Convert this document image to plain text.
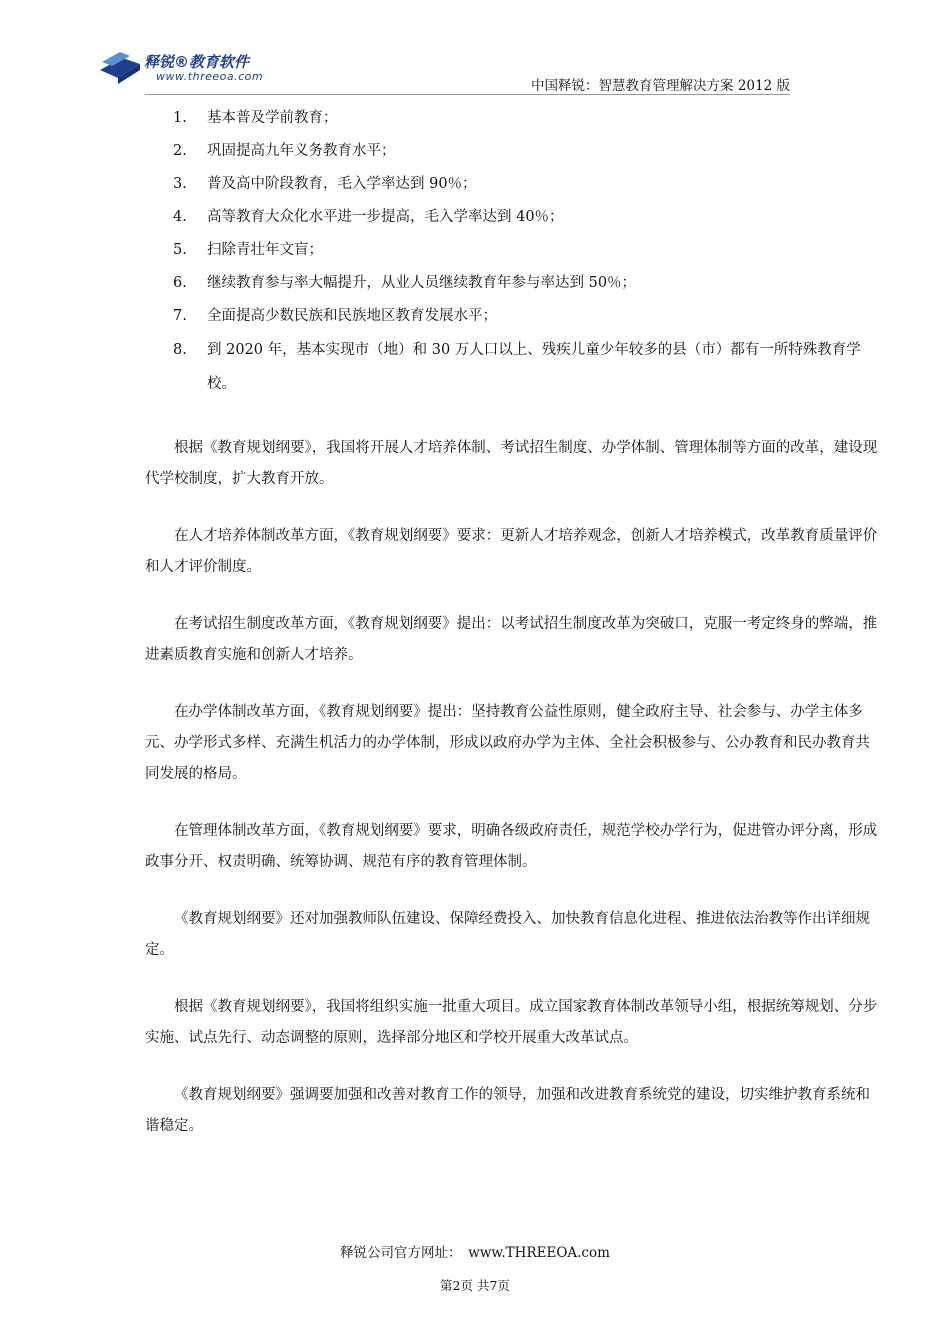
释锐®教育软件
www.threeoa.com
中国释锐：智慧教育管理解决方案 2012 版
1. 基本普及学前教育；
2. 巩固提高九年义务教育水平；
3. 普及高中阶段教育，毛入学率达到 90％；
4. 高等教育大众化水平进一步提高，毛入学率达到 40％；
5. 扫除青壮年文盲；
6. 继续教育参与率大幅提升，从业人员继续教育年参与率达到 50％；
7. 全面提高少数民族和民族地区教育发展水平；
8. 到 2020 年，基本实现市（地）和 30 万人口以上、残疾儿童少年较多的县（市）都有一所特殊教育学校。

根据《教育规划纲要》，我国将开展人才培养体制、考试招生制度、办学体制、管理体制等方面的改革，建设现代学校制度，扩大教育开放。

在人才培养体制改革方面，《教育规划纲要》要求：更新人才培养观念，创新人才培养模式，改革教育质量评价和人才评价制度。

在考试招生制度改革方面，《教育规划纲要》提出：以考试招生制度改革为突破口，克服一考定终身的弊端，推进素质教育实施和创新人才培养。

在办学体制改革方面，《教育规划纲要》提出：坚持教育公益性原则，健全政府主导、社会参与、办学主体多元、办学形式多样、充满生机活力的办学体制，形成以政府办学为主体、全社会积极参与、公办教育和民办教育共同发展的格局。

在管理体制改革方面，《教育规划纲要》要求，明确各级政府责任，规范学校办学行为，促进管办评分离，形成政事分开、权责明确、统筹协调、规范有序的教育管理体制。

《教育规划纲要》还对加强教师队伍建设、保障经费投入、加快教育信息化进程、推进依法治教等作出详细规定。

根据《教育规划纲要》，我国将组织实施一批重大项目。成立国家教育体制改革领导小组，根据统筹规划、分步实施、试点先行、动态调整的原则，选择部分地区和学校开展重大改革试点。

《教育规划纲要》强调要加强和改善对教育工作的领导，加强和改进教育系统党的建设，切实维护教育系统和谐稳定。

释锐公司官方网址：　www.THREEOA.com
第2页 共7页
